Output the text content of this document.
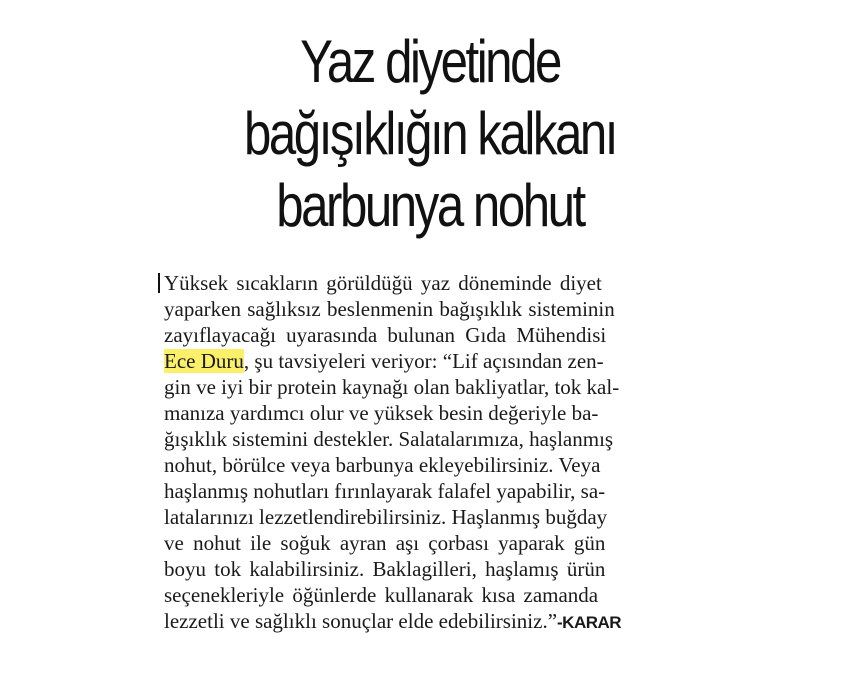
Yaz diyetinde
bağışıklığın kalkanı
barbunya nohut
Yüksek sıcakların görüldüğü yaz döneminde diyet
yaparken sağlıksız beslenmenin bağışıklık sisteminin
zayıflayacağı uyarasında bulunan Gıda Mühendisi
Ece Duru, şu tavsiyeleri veriyor: “Lif açısından zen-
gin ve iyi bir protein kaynağı olan bakliyatlar, tok kal-
manıza yardımcı olur ve yüksek besin değeriyle ba-
ğışıklık sistemini destekler. Salatalarımıza, haşlanmış
nohut, börülce veya barbunya ekleyebilirsiniz. Veya
haşlanmış nohutları fırınlayarak falafel yapabilir, sa-
latalarınızı lezzetlendirebilirsiniz. Haşlanmış buğday
ve nohut ile soğuk ayran aşı çorbası yaparak gün
boyu tok kalabilirsiniz. Baklagilleri, haşlamış ürün
seçenekleriyle öğünlerde kullanarak kısa zamanda
lezzetli ve sağlıklı sonuçlar elde edebilirsiniz.”-KARAR
